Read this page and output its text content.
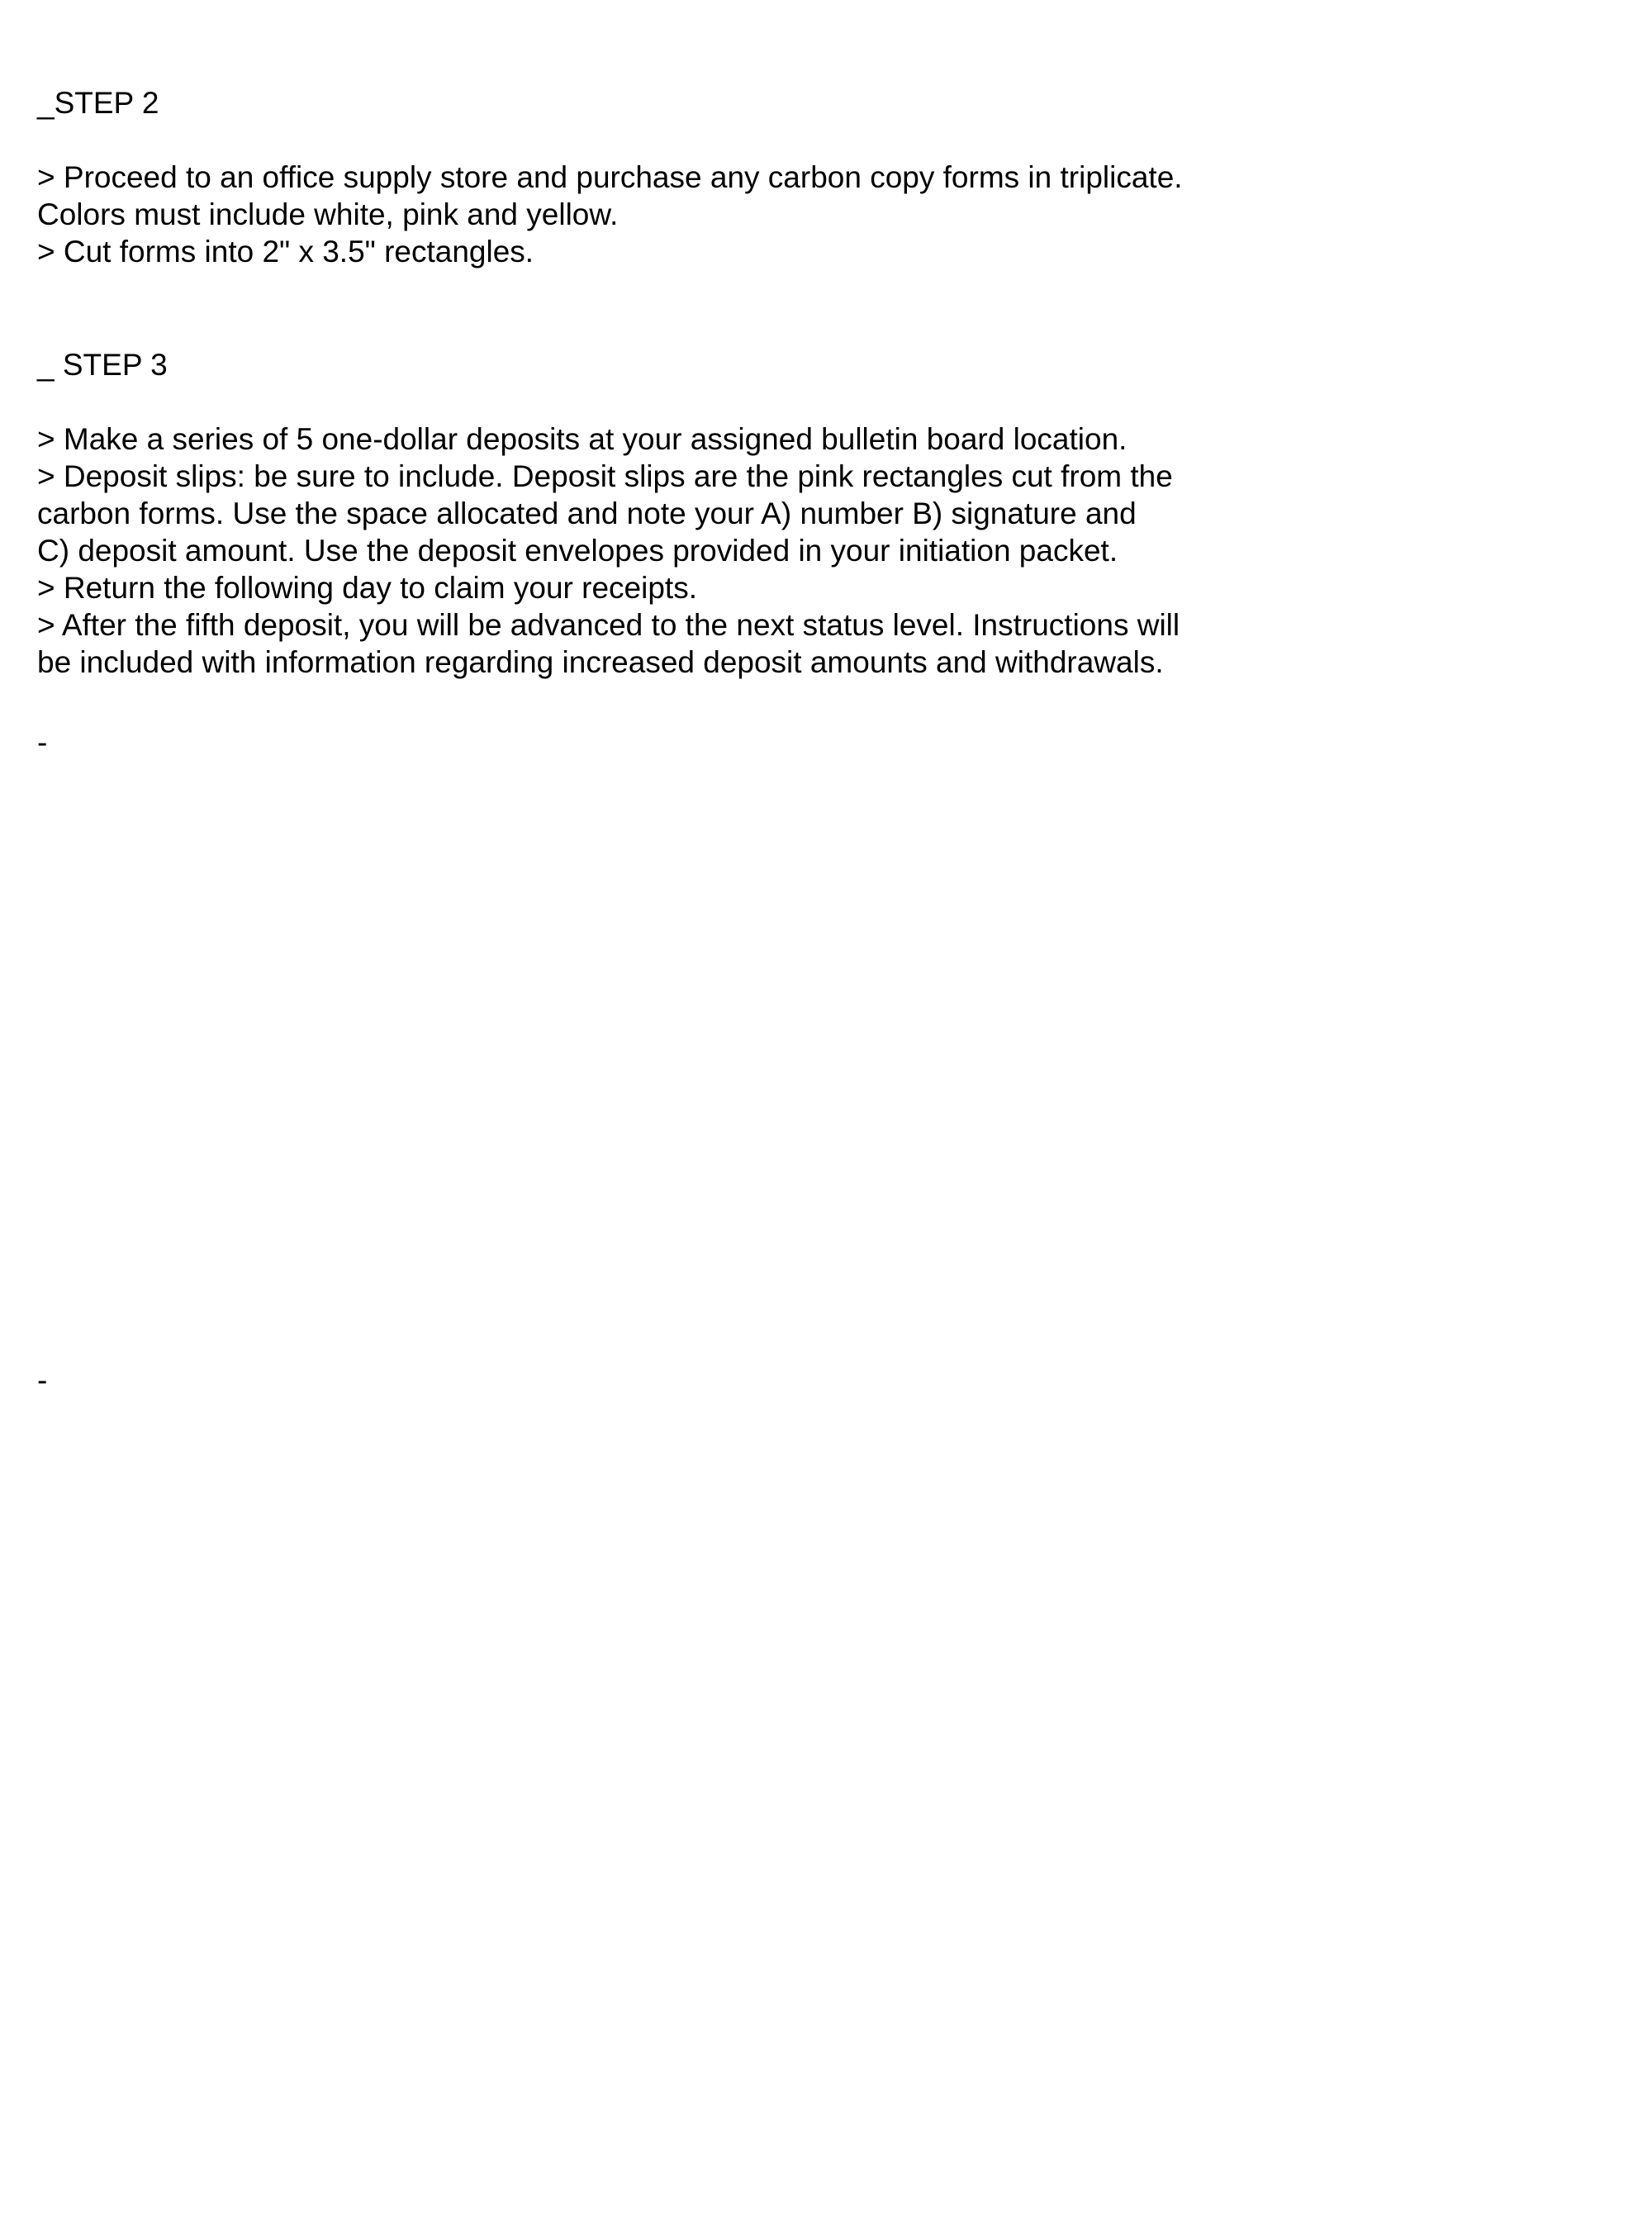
_STEP 2
> Proceed to an office supply store and purchase any carbon copy forms in triplicate.
Colors must include white, pink and yellow.
> Cut forms into 2" x 3.5" rectangles.
_ STEP 3
> Make a series of 5 one-dollar deposits at your assigned bulletin board location.
> Deposit slips: be sure to include. Deposit slips are the pink rectangles cut from the
carbon forms. Use the space allocated and note your A) number B) signature and
C) deposit amount. Use the deposit envelopes provided in your initiation packet.
> Return the following day to claim your receipts.
> After the fifth deposit, you will be advanced to the next status level. Instructions will
be included with information regarding increased deposit amounts and withdrawals.
-
-
